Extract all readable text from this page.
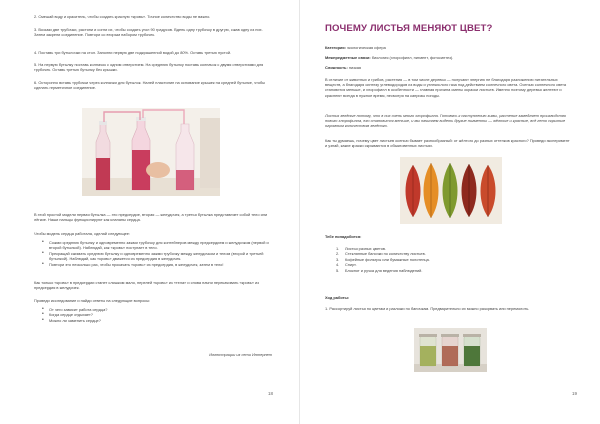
2. Смешай воду и краситель, чтобы создать красную «кровь». Точное количество воды не важно.

3. Возьми две трубочки, растяни и согни их, чтобы создать угол 90 градусов. Вдень одну трубочку в другую, сжав одну из них. Затем закрепи соединение. Повтори со вторым набором трубочек.

4. Поставь три бутылочки на стол. Заполни первую две подкрашенной водой до 80%. Оставь третью пустой.

5. На первую бутылку поставь колпачок с одним отверстием. На среднюю бутылку поставь колпачок с двумя отверстиями для трубочек. Оставь третью бутылку без крышки.

6. Осторонно вставь трубочки через колпачки для бутылок. Налей пластилин на основание крышек на средней бутылке, чтобы сделать герметичное соединение.

В этой простой модели первая бутылка — это предсердие, вторая — желудочек, а третья бутылка представляет собой тело или лёгкие. Наши пальцы функционируют как клапаны сердца.

Чтобы модель сердца работала, сделай следующее:

• Сожми среднюю бутылку и одновременно зажми трубочку для контейнеров между предсердием и желудочком (первой и второй бутылкой). Наблюдай, как «кровь» поступает в тело.
• Прекращай сжимать среднюю бутылку и одновременно зажми трубочку между желудочком и телом (второй и третьей бутылкой). Наблюдай, как «кровь» движется из предсердия в желудочек.
• Повтори это несколько раз, чтобы прокачать «кровь» из предсердия, в желудочек, затем в тело!

Как только «кровь» в предсердии станет слишком мало, перелей «кровь» из «тела» и снова начни перекачивать «кровь» из предсердия в желудочек.

Проведи исследование и найди ответы на следующие вопросы:

• От чего зависит работа сердца?
• Когда сердце отдыхает?
• Можно ли заменить сердце?

Иллюстрации из сети Интернет

18
ПОЧЕМУ ЛИСТЬЯ МЕНЯЮТ ЦВЕТ?

Категория: экологическая сфера

Межпредметные связи: биология (хлорофилл, пигмент, фотосинтез).

Сложность: низкая

В отличие от животных и грибов, растения — в том числе деревья — получают энергию не благодаря разложению питательных веществ, а благодаря синтезу углеводородов из воды и углекислого газа под действием солнечного света. Осенью солнечного света становится меньше, и хлорофилл в особенности — главная причина смены окраски листьев. Именно поэтому деревья желтеют и краснеют всегда в нужное время, несмотря на капризы погоды.

Листья зелёные потому, что в них очень много хлорофилла. Готовясь к наступлению зимы, растение замедляет производство нового хлорофилла, его становится меньше, и мы начинаем видеть другие пигменты — жёлтые и красные, всё лето скрытые огромным количеством зелёного.

Как ты думаешь, почему цвет листьев осенью бывает разнообразный: от жёлтого до разных оттенков красного? Проведи эксперимент и узнай, какие краски скрываются в обыкновенных листьях.

Тебе понадобится:

1. Листья разных цветов.
2. Стеклянные баночки по количеству листьев.
3. Кофейные фильтры или бумажные полотенца.
4. Спирт.
5. Блокнот и ручка для ведения наблюдений.

Ход работы:

1. Рассортируй листья по цветам и разложи по баночкам. Предварительно их можно разорвать или перемолоть.

19
